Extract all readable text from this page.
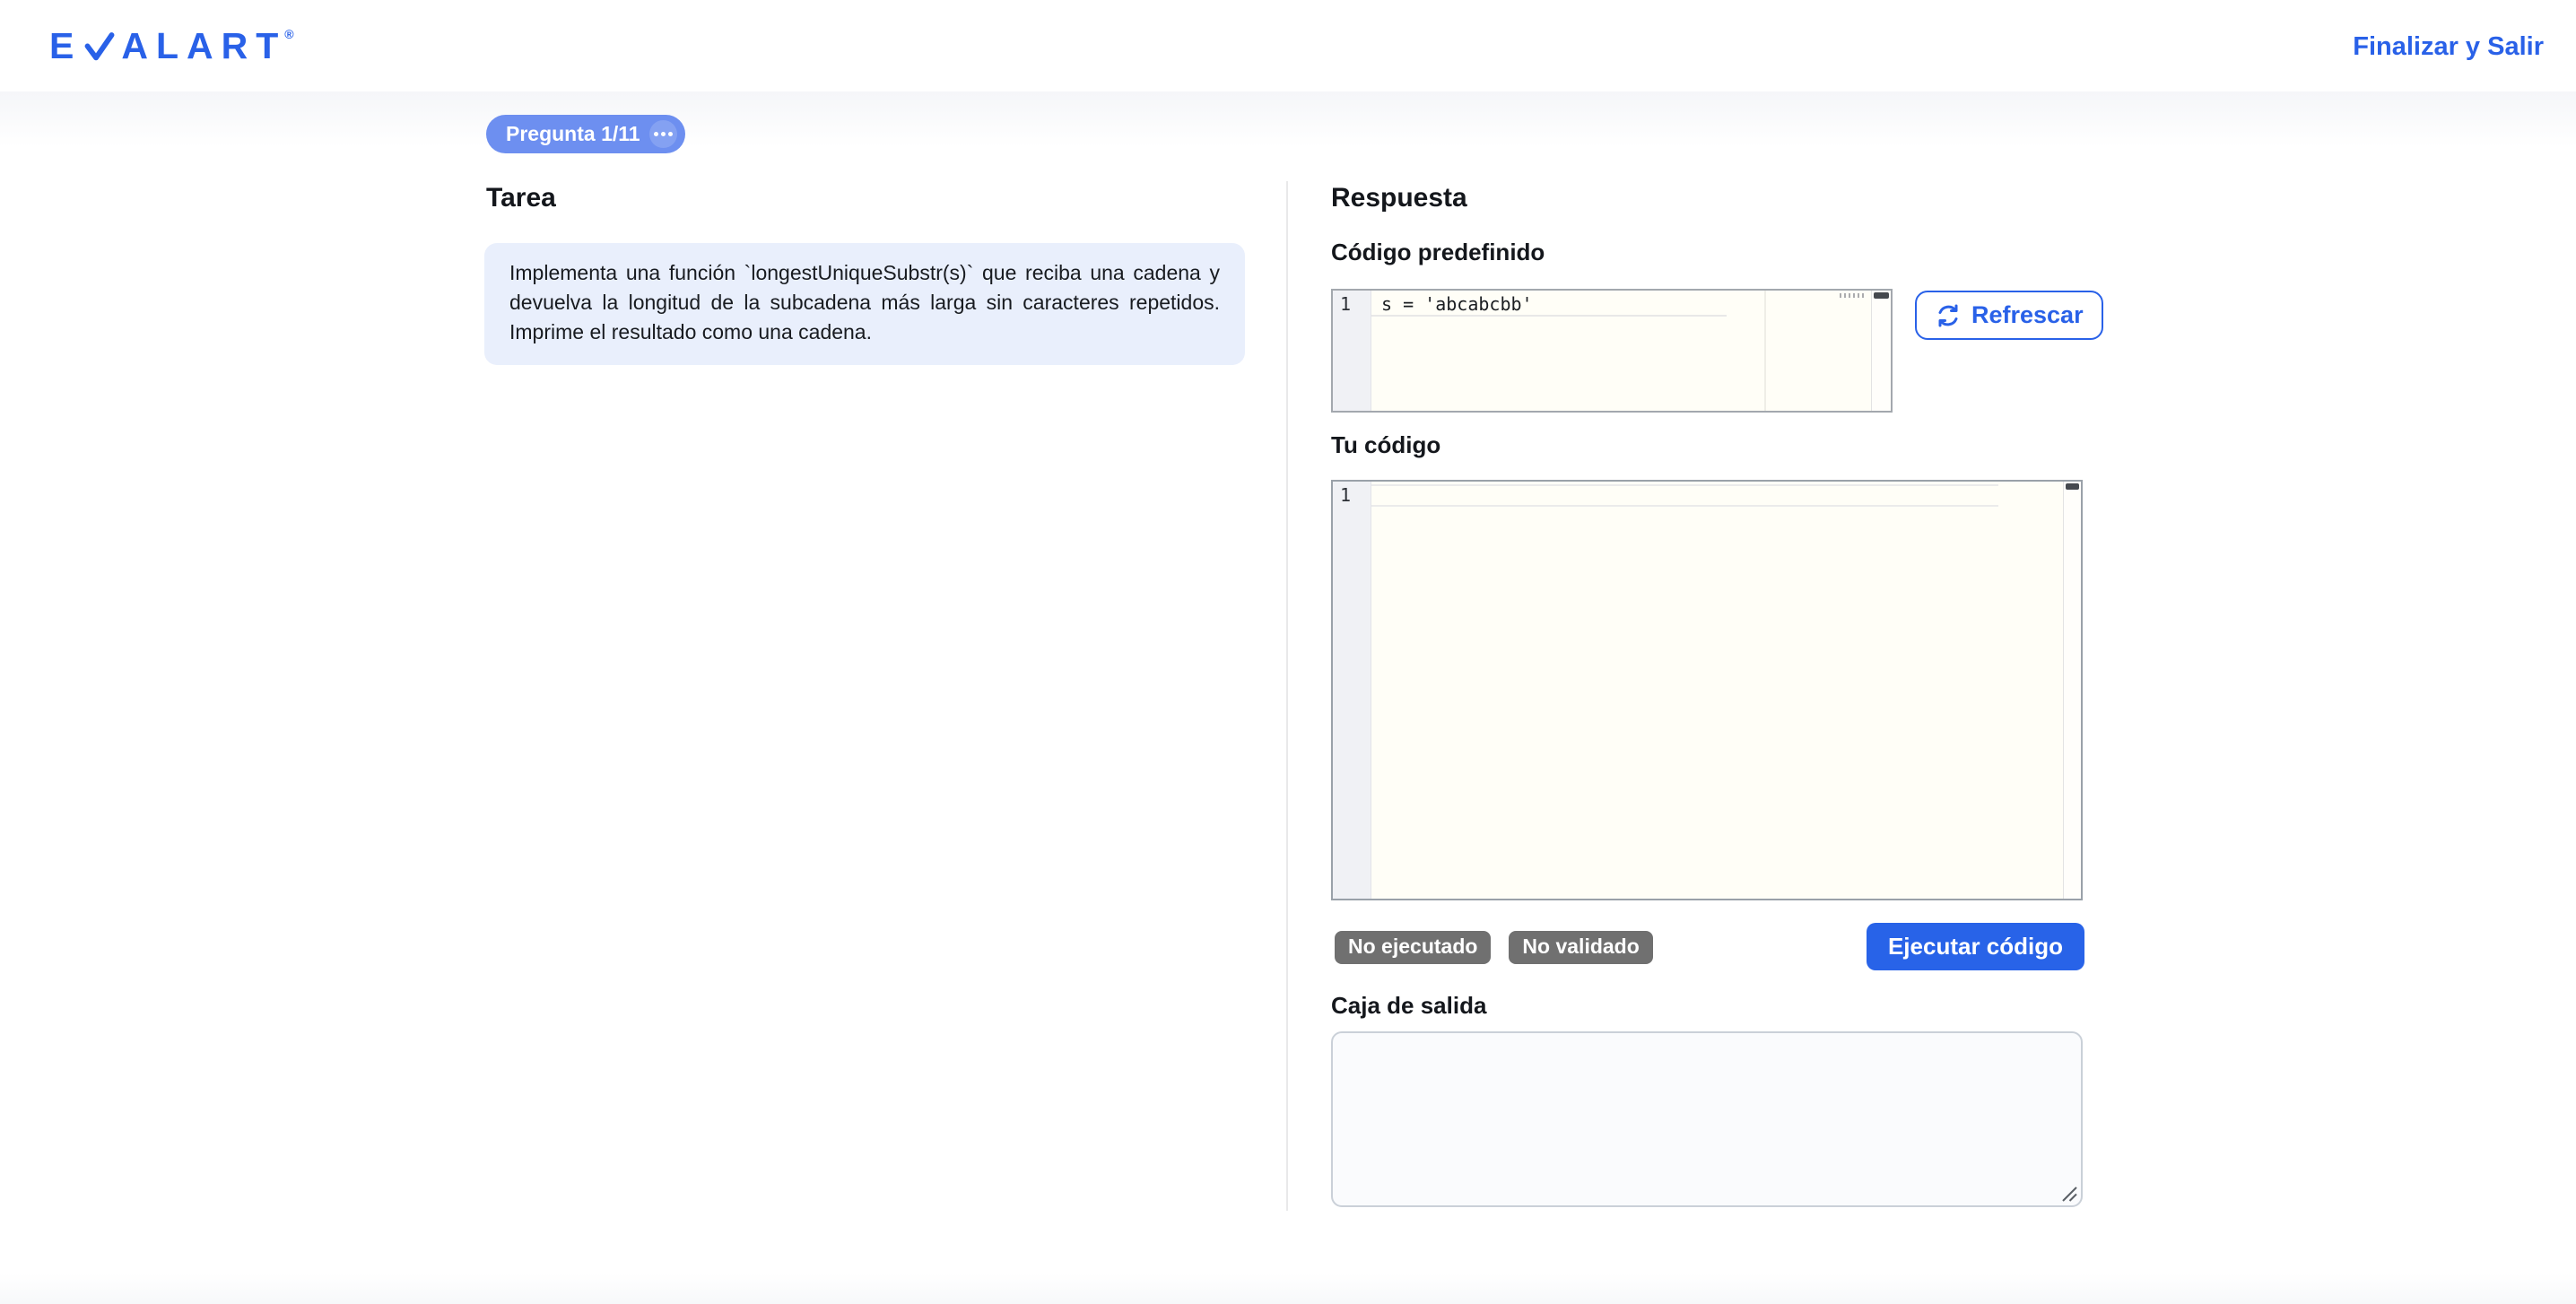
E ALART
®	Finalizar y Salir
Pregunta 1/11
Tarea

Implementa una función `longestUniqueSubstr(s)` que reciba una cadena y devuelva la longitud de la subcadena más larga sin caracteres repetidos. Imprime el resultado como una cadena.

Respuesta
Código predefinido
1 s = 'abcabcbb'	Refrescar
Tu código
1
No ejecutado	No validado	Ejecutar código
Caja de salida
